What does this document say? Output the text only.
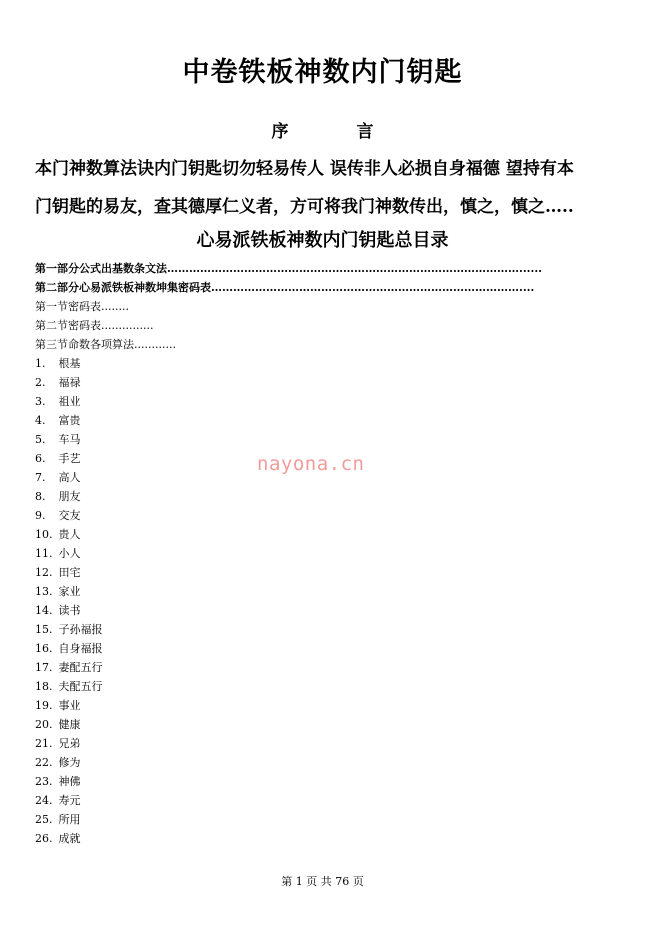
中卷铁板神数内门钥匙
序	言
本门神数算法诀内门钥匙切勿轻易传人 误传非人必损自身福德 望持有本
门钥匙的易友，查其德厚仁义者，方可将我门神数传出，慎之，慎之…..
心易派铁板神数内门钥匙总目录
第一部分公式出基数条文法……………………………………………………………………………………......
第二部分心易派铁板神数坤集密码表…………………………………………………………………………....
第一节密码表........
第二节密码表...............
第三节命数各项算法............
1. 根基
2. 福禄
3. 祖业
4. 富贵
5. 车马
6. 手艺
7. 高人
8. 朋友
9. 交友
10. 贵人
11. 小人
12. 田宅
13. 家业
14. 读书
15. 子孙福报
16. 自身福报
17. 妻配五行
18. 夫配五行
19. 事业
20. 健康
21. 兄弟
22. 修为
23. 神佛
24. 寿元
25. 所用
26. 成就
nayona.cn
第 1 页 共 76 页
